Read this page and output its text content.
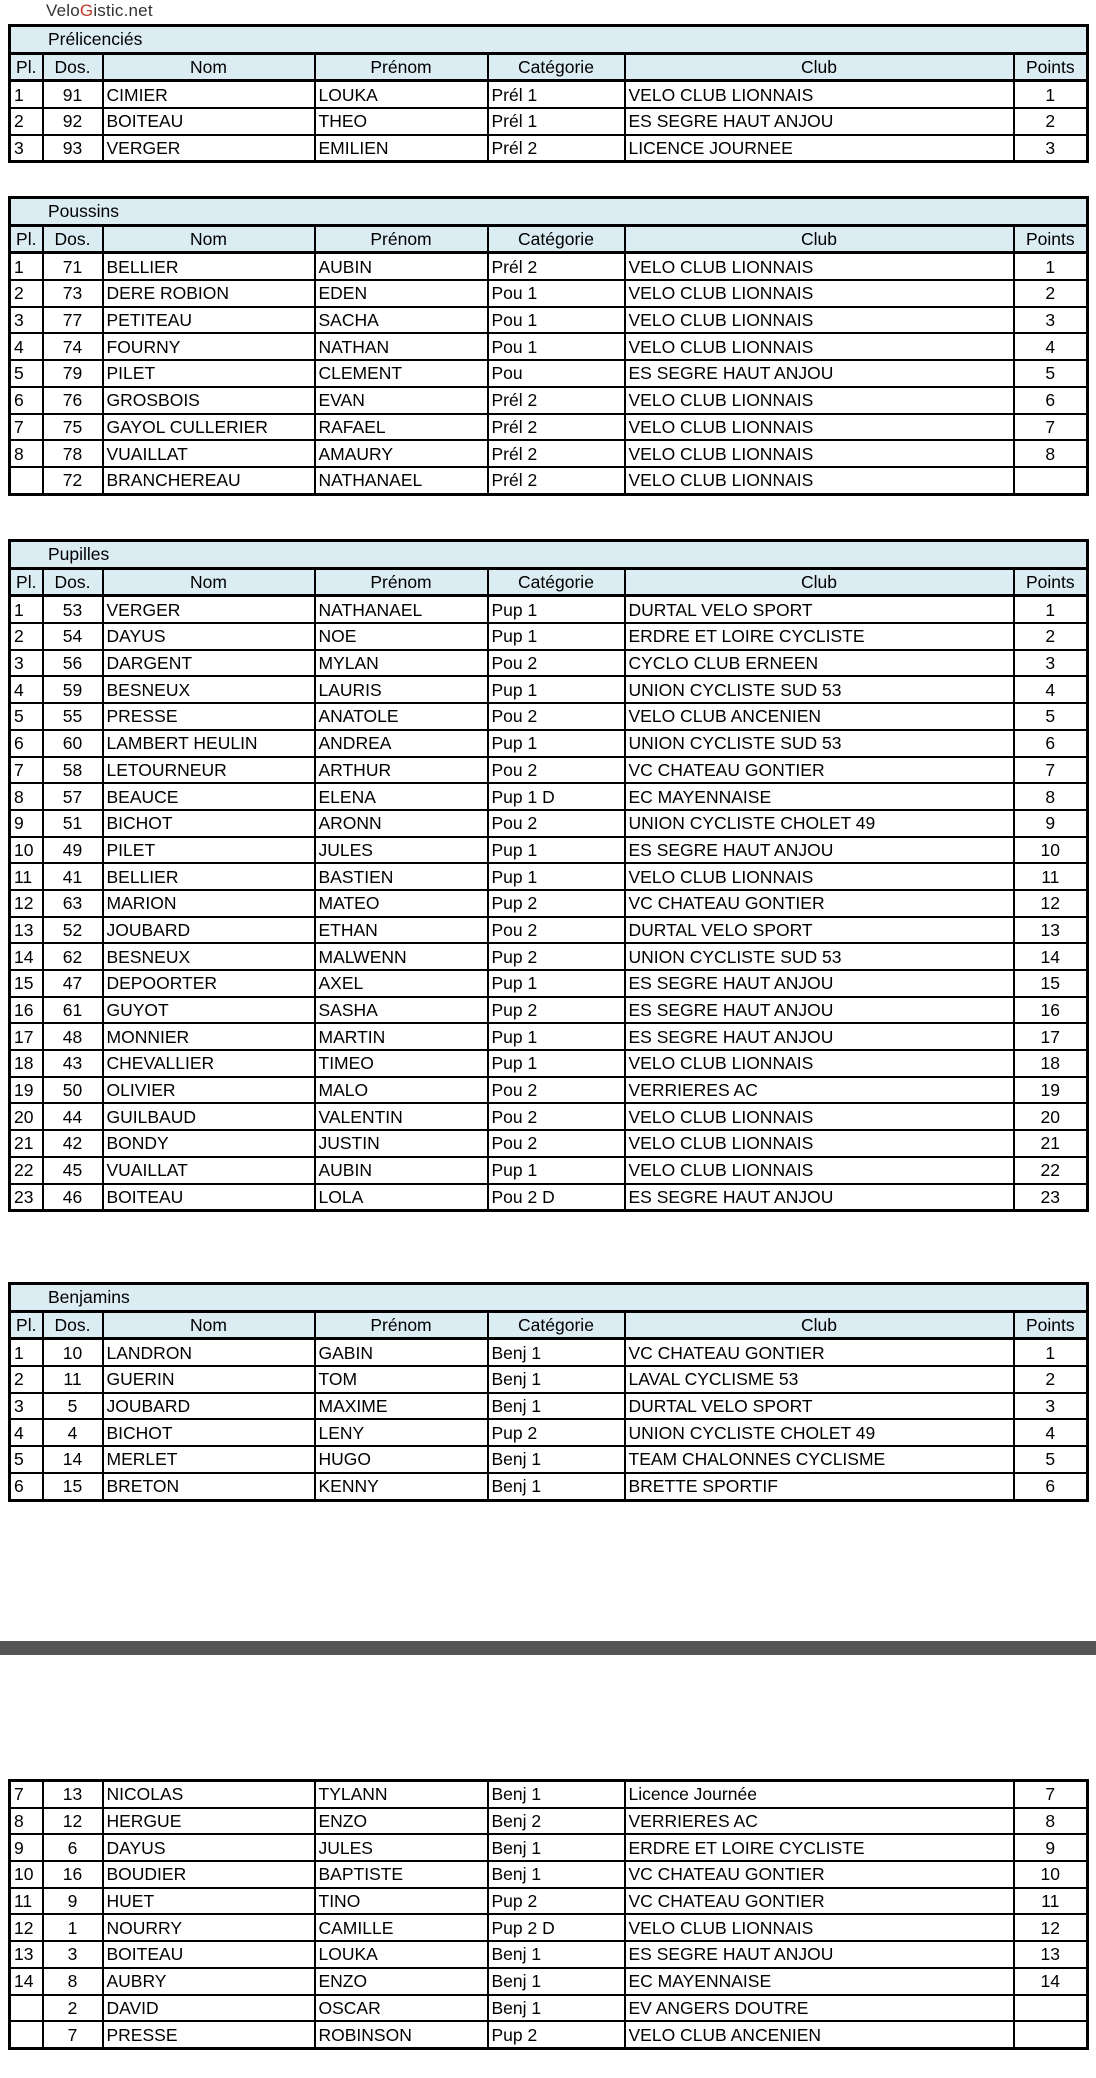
VeloGistic.net
Prélicenciés						
Pl.	Dos.	Nom	Prénom	Catégorie	Club	Points
1	91	CIMIER	LOUKA	Prél 1	VELO CLUB LIONNAIS	1
2	92	BOITEAU	THEO	Prél 1	ES SEGRE HAUT ANJOU	2
3	93	VERGER	EMILIEN	Prél 2	LICENCE JOURNEE	3
Poussins						
Pl.	Dos.	Nom	Prénom	Catégorie	Club	Points
1	71	BELLIER	AUBIN	Prél 2	VELO CLUB LIONNAIS	1
2	73	DERE ROBION	EDEN	Pou 1	VELO CLUB LIONNAIS	2
3	77	PETITEAU	SACHA	Pou 1	VELO CLUB LIONNAIS	3
4	74	FOURNY	NATHAN	Pou 1	VELO CLUB LIONNAIS	4
5	79	PILET	CLEMENT	Pou	ES SEGRE HAUT ANJOU	5
6	76	GROSBOIS	EVAN	Prél 2	VELO CLUB LIONNAIS	6
7	75	GAYOL CULLERIER	RAFAEL	Prél 2	VELO CLUB LIONNAIS	7
8	78	VUAILLAT	AMAURY	Prél 2	VELO CLUB LIONNAIS	8
	72	BRANCHEREAU	NATHANAEL	Prél 2	VELO CLUB LIONNAIS	
Pupilles						
Pl.	Dos.	Nom	Prénom	Catégorie	Club	Points
1	53	VERGER	NATHANAEL	Pup 1	DURTAL VELO SPORT	1
2	54	DAYUS	NOE	Pup 1	ERDRE ET LOIRE CYCLISTE	2
3	56	DARGENT	MYLAN	Pou 2	CYCLO CLUB ERNEEN	3
4	59	BESNEUX	LAURIS	Pup 1	UNION CYCLISTE SUD 53	4
5	55	PRESSE	ANATOLE	Pou 2	VELO CLUB ANCENIEN	5
6	60	LAMBERT HEULIN	ANDREA	Pup 1	UNION CYCLISTE SUD 53	6
7	58	LETOURNEUR	ARTHUR	Pou 2	VC CHATEAU GONTIER	7
8	57	BEAUCE	ELENA	Pup 1 D	EC MAYENNAISE	8
9	51	BICHOT	ARONN	Pou 2	UNION CYCLISTE CHOLET 49	9
10	49	PILET	JULES	Pup 1	ES SEGRE HAUT ANJOU	10
11	41	BELLIER	BASTIEN	Pup 1	VELO CLUB LIONNAIS	11
12	63	MARION	MATEO	Pup 2	VC CHATEAU GONTIER	12
13	52	JOUBARD	ETHAN	Pou 2	DURTAL VELO SPORT	13
14	62	BESNEUX	MALWENN	Pup 2	UNION CYCLISTE SUD 53	14
15	47	DEPOORTER	AXEL	Pup 1	ES SEGRE HAUT ANJOU	15
16	61	GUYOT	SASHA	Pup 2	ES SEGRE HAUT ANJOU	16
17	48	MONNIER	MARTIN	Pup 1	ES SEGRE HAUT ANJOU	17
18	43	CHEVALLIER	TIMEO	Pup 1	VELO CLUB LIONNAIS	18
19	50	OLIVIER	MALO	Pou 2	VERRIERES AC	19
20	44	GUILBAUD	VALENTIN	Pou 2	VELO CLUB LIONNAIS	20
21	42	BONDY	JUSTIN	Pou 2	VELO CLUB LIONNAIS	21
22	45	VUAILLAT	AUBIN	Pup 1	VELO CLUB LIONNAIS	22
23	46	BOITEAU	LOLA	Pou 2 D	ES SEGRE HAUT ANJOU	23
Benjamins						
Pl.	Dos.	Nom	Prénom	Catégorie	Club	Points
1	10	LANDRON	GABIN	Benj 1	VC CHATEAU GONTIER	1
2	11	GUERIN	TOM	Benj 1	LAVAL CYCLISME 53	2
3	5	JOUBARD	MAXIME	Benj 1	DURTAL VELO SPORT	3
4	4	BICHOT	LENY	Pup 2	UNION CYCLISTE CHOLET 49	4
5	14	MERLET	HUGO	Benj 1	TEAM CHALONNES CYCLISME	5
6	15	BRETON	KENNY	Benj 1	BRETTE SPORTIF	6
7	13	NICOLAS	TYLANN	Benj 1	Licence Journée	7
8	12	HERGUE	ENZO	Benj 2	VERRIERES AC	8
9	6	DAYUS	JULES	Benj 1	ERDRE ET LOIRE CYCLISTE	9
10	16	BOUDIER	BAPTISTE	Benj 1	VC CHATEAU GONTIER	10
11	9	HUET	TINO	Pup 2	VC CHATEAU GONTIER	11
12	1	NOURRY	CAMILLE	Pup 2 D	VELO CLUB LIONNAIS	12
13	3	BOITEAU	LOUKA	Benj 1	ES SEGRE HAUT ANJOU	13
14	8	AUBRY	ENZO	Benj 1	EC MAYENNAISE	14
	2	DAVID	OSCAR	Benj 1	EV ANGERS DOUTRE	
	7	PRESSE	ROBINSON	Pup 2	VELO CLUB ANCENIEN	
